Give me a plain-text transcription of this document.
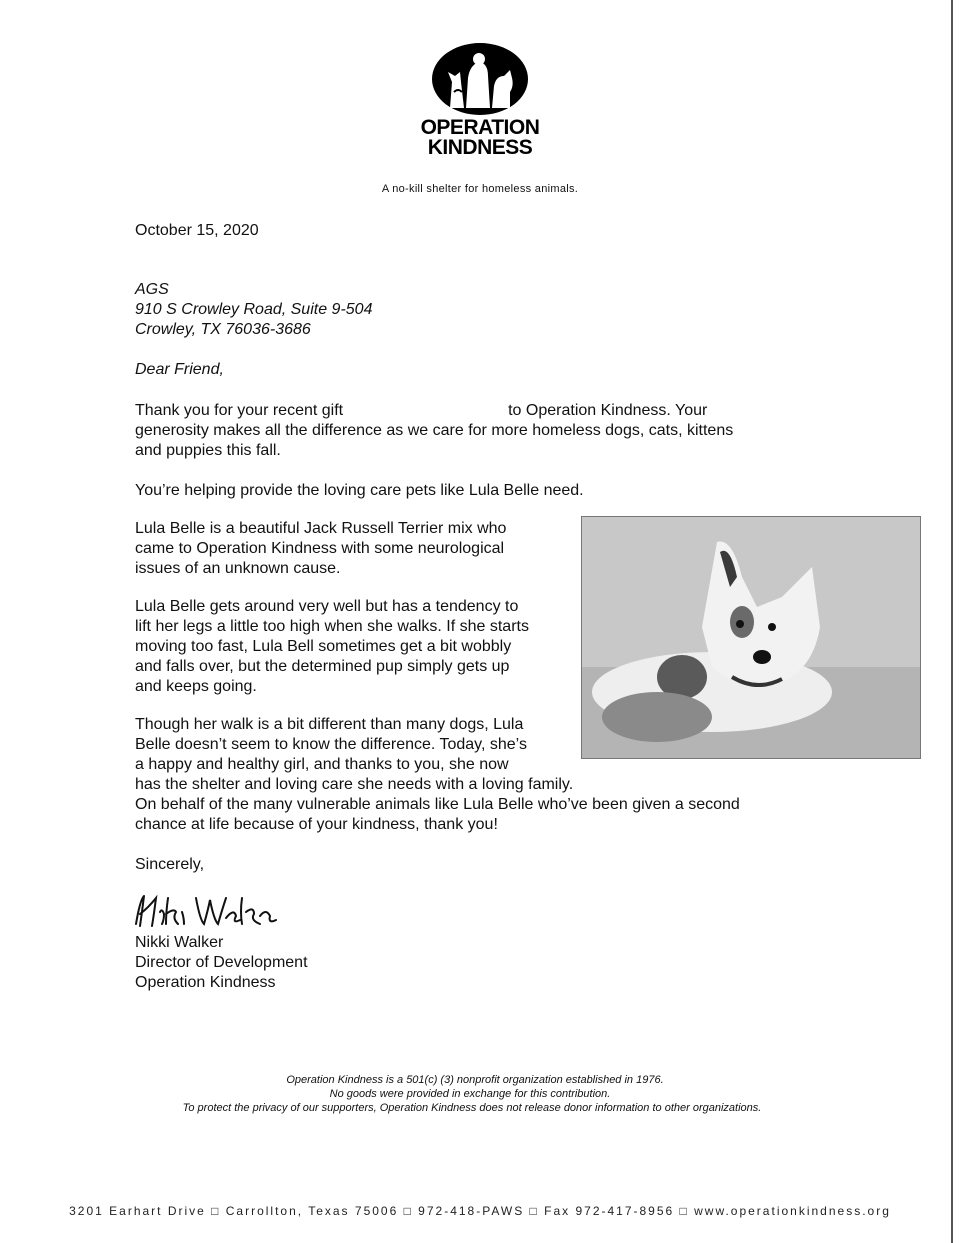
OPERATION
KINDNESS
A no-kill shelter for homeless animals.
October 15, 2020
AGS
910 S Crowley Road, Suite 9-504
Crowley, TX 76036-3686
Dear Friend,
Thank you for your recent gift	to Operation Kindness. Your
generosity makes all the difference as we care for more homeless dogs, cats, kittens
and puppies this fall.
You’re helping provide the loving care pets like Lula Belle need.
Lula Belle is a beautiful Jack Russell Terrier mix who
came to Operation Kindness with some neurological
issues of an unknown cause.
Lula Belle gets around very well but has a tendency to
lift her legs a little too high when she walks. If she starts
moving too fast, Lula Bell sometimes get a bit wobbly
and falls over, but the determined pup simply gets up
and keeps going.
Though her walk is a bit different than many dogs, Lula
Belle doesn’t seem to know the difference. Today, she’s
a happy and healthy girl, and thanks to you, she now
has the shelter and loving care she needs with a loving family.
On behalf of the many vulnerable animals like Lula Belle who’ve been given a second
chance at life because of your kindness, thank you!
Sincerely,
Nikki Walker
Director of Development
Operation Kindness
Operation Kindness is a 501(c) (3) nonprofit organization established in 1976.
No goods were provided in exchange for this contribution.
To protect the privacy of our supporters, Operation Kindness does not release donor information to other organizations.
3201 Earhart Drive □ Carrollton, Texas 75006 □ 972-418-PAWS □ Fax 972-417-8956 □ www.operationkindness.org
